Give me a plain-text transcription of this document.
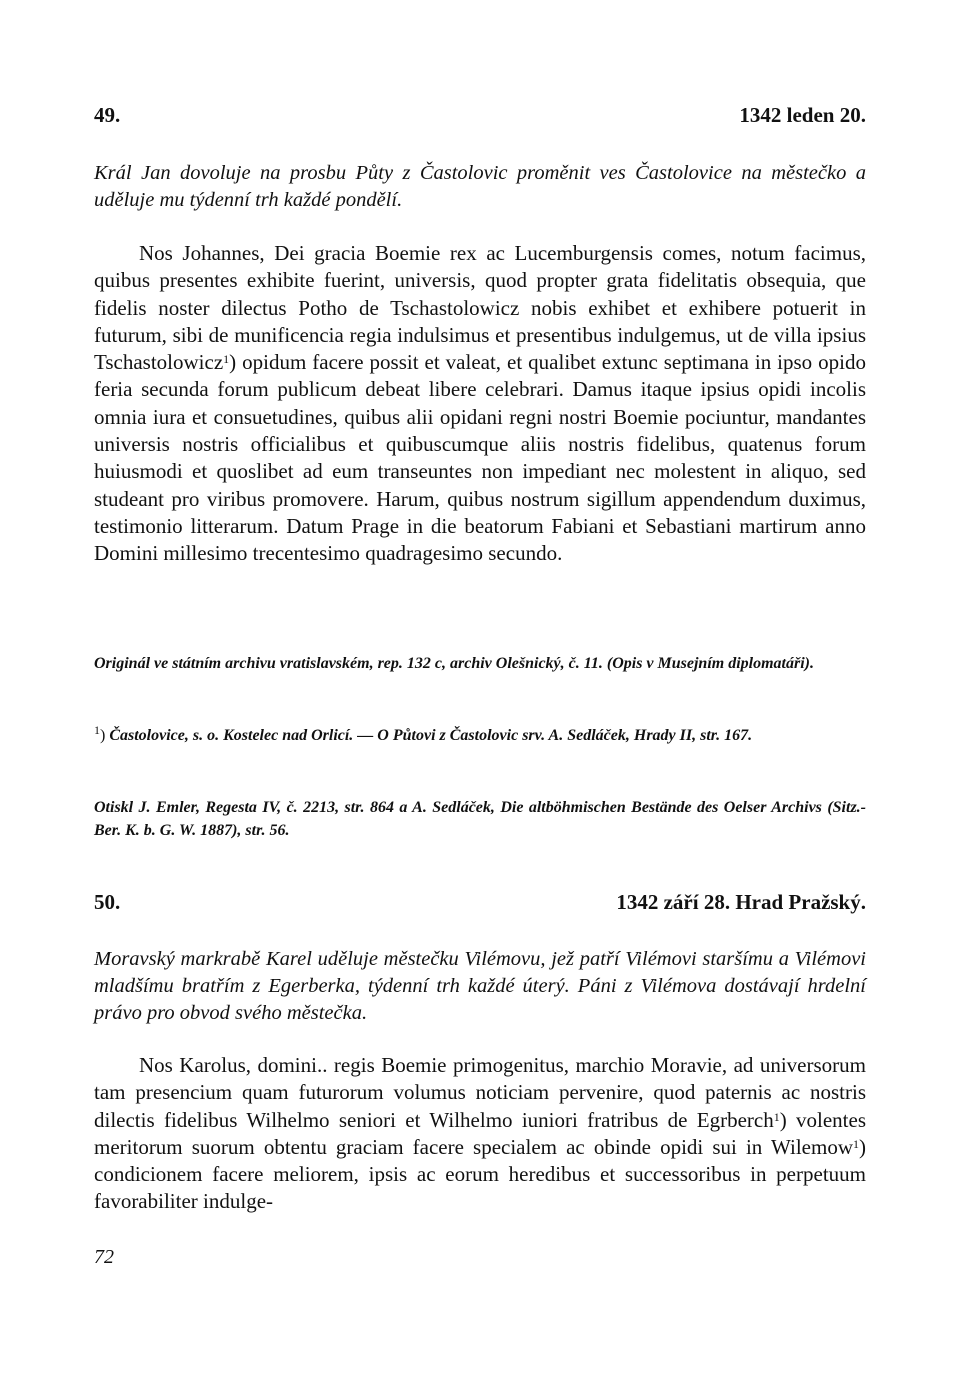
49.	1342 leden 20.

Král Jan dovoluje na prosbu Půty z Častolovic proměnit ves Častolovice na městečko a uděluje mu týdenní trh každé pondělí.

Nos Johannes, Dei gracia Boemie rex ac Lucemburgensis comes, notum facimus, quibus presentes exhibite fuerint, universis, quod propter grata fidelitatis obsequia, que fidelis noster dilectus Potho de Tschastolowicz nobis exhibet et exhibere potuerit in futurum, sibi de munificencia regia indulsimus et presentibus indulgemus, ut de villa ipsius Tschastolowicz$^1$) opidum facere possit et valeat, et qualibet extunc septimana in ipso opido feria secunda forum publicum debeat libere celebrari. Damus itaque ipsius opidi incolis omnia iura et consuetudines, quibus alii opidani regni nostri Boemie pociuntur, mandantes universis nostris officialibus et quibuscumque aliis nostris fidelibus, quatenus forum huiusmodi et quoslibet ad eum transeuntes non impediant nec molestent in aliquo, sed studeant pro viribus promovere. Harum, quibus nostrum sigillum appendendum duximus, testimonio litterarum. Datum Prage in die beatorum Fabiani et Sebastiani martirum anno Domini millesimo trecentesimo quadragesimo secundo.

Originál ve státním archivu vratislavském, rep. 132 c, archiv Olešnický, č. 11. (Opis v Musejním diplomatáři).

$^1$) Častolovice, s. o. Kostelec nad Orlicí. — O Půtovi z Častolovic srv. A. Sedláček, Hrady II, str. 167.

Otiskl J. Emler, Regesta IV, č. 2213, str. 864 a A. Sedláček, Die altböhmischen Bestände des Oelser Archivs (Sitz.-Ber. K. b. G. W. 1887), str. 56.

50.	1342 září 28. Hrad Pražský.

Moravský markrabě Karel uděluje městečku Vilémovu, jež patří Vilémovi staršímu a Vilémovi mladšímu bratřím z Egerberka, týdenní trh každé úterý. Páni z Vilémova dostávají hrdelní právo pro obvod svého městečka.

Nos Karolus, domini.. regis Boemie primogenitus, marchio Moravie, ad universorum tam presencium quam futurorum volumus noticiam pervenire, quod paternis ac nostris dilectis fidelibus Wilhelmo seniori et Wilhelmo iuniori fratribus de Egrberch$^1$) volentes meritorum suorum obtentu graciam facere specialem ac obinde opidi sui in Wilemow$^1$) condicionem facere meliorem, ipsis ac eorum heredibus et successoribus in perpetuum favorabiliter indulge-

72
